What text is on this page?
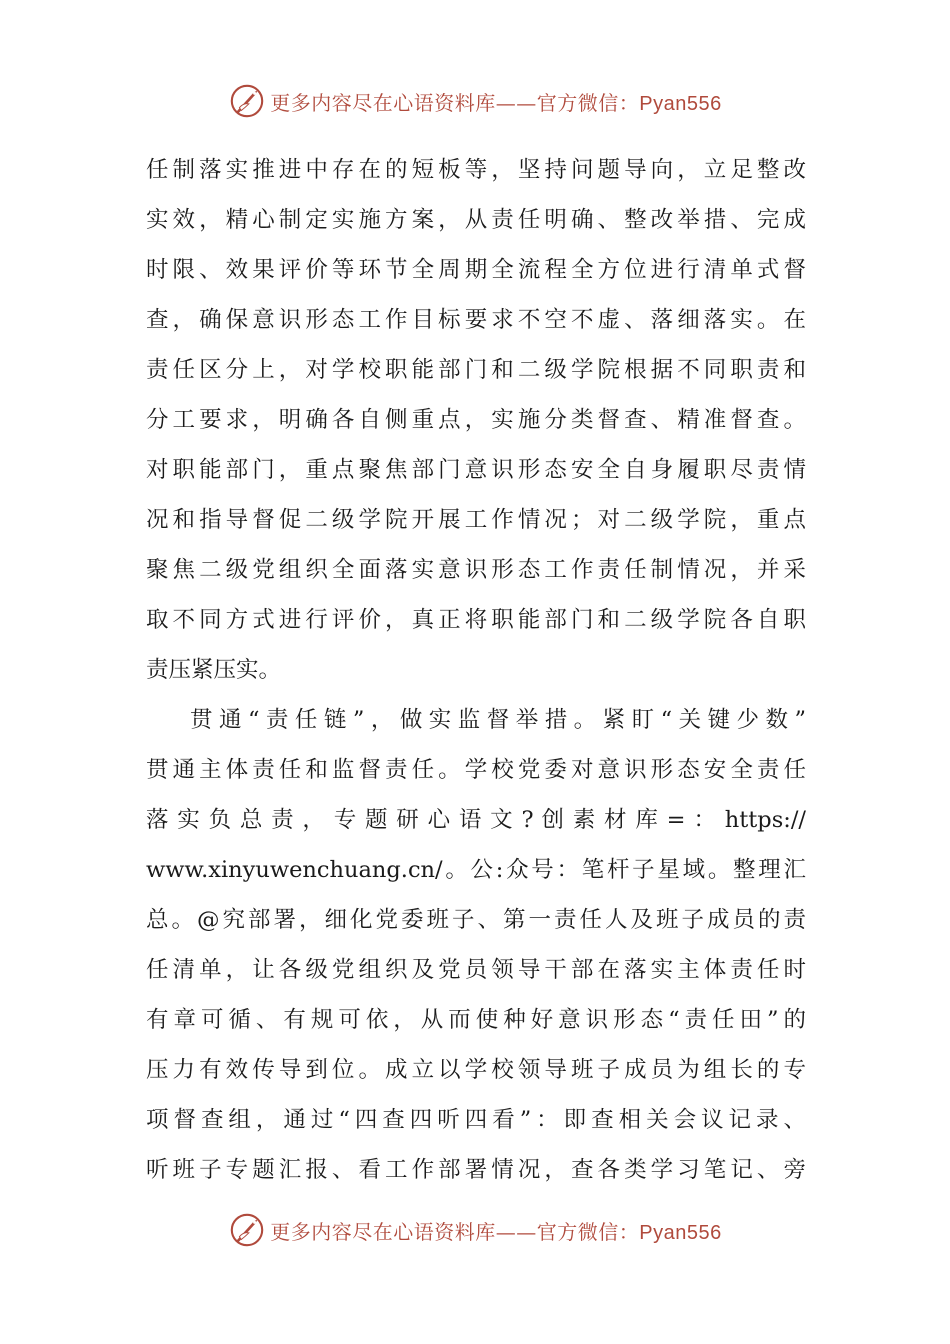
更多内容尽在心语资料库——官方微信：Pyan556
任制落实推进中存在的短板等，坚持问题导向，立足整改
实效，精心制定实施方案，从责任明确、整改举措、完成
时限、效果评价等环节全周期全流程全方位进行清单式督
查，确保意识形态工作目标要求不空不虚、落细落实。在
责任区分上，对学校职能部门和二级学院根据不同职责和
分工要求，明确各自侧重点，实施分类督查、精准督查。
对职能部门，重点聚焦部门意识形态安全自身履职尽责情
况和指导督促二级学院开展工作情况；对二级学院，重点
聚焦二级党组织全面落实意识形态工作责任制情况，并采
取不同方式进行评价，真正将职能部门和二级学院各自职
责压紧压实。
贯通“责任链”，做实监督举措。紧盯“关键少数”
贯通主体责任和监督责任。学校党委对意识形态安全责任
落 实 负 总 责 ， 专 题 研 心 语 文 ? 创 素 材 库 = ： https://
www.xinyuwenchuang.cn/。公:众号：笔杆子星域。整理汇
总。@究部署，细化党委班子、第一责任人及班子成员的责
任清单，让各级党组织及党员领导干部在落实主体责任时
有章可循、有规可依，从而使种好意识形态“责任田”的
压力有效传导到位。成立以学校领导班子成员为组长的专
项督查组，通过“四查四听四看”：即查相关会议记录、
听班子专题汇报、看工作部署情况，查各类学习笔记、旁
更多内容尽在心语资料库——官方微信：Pyan556
